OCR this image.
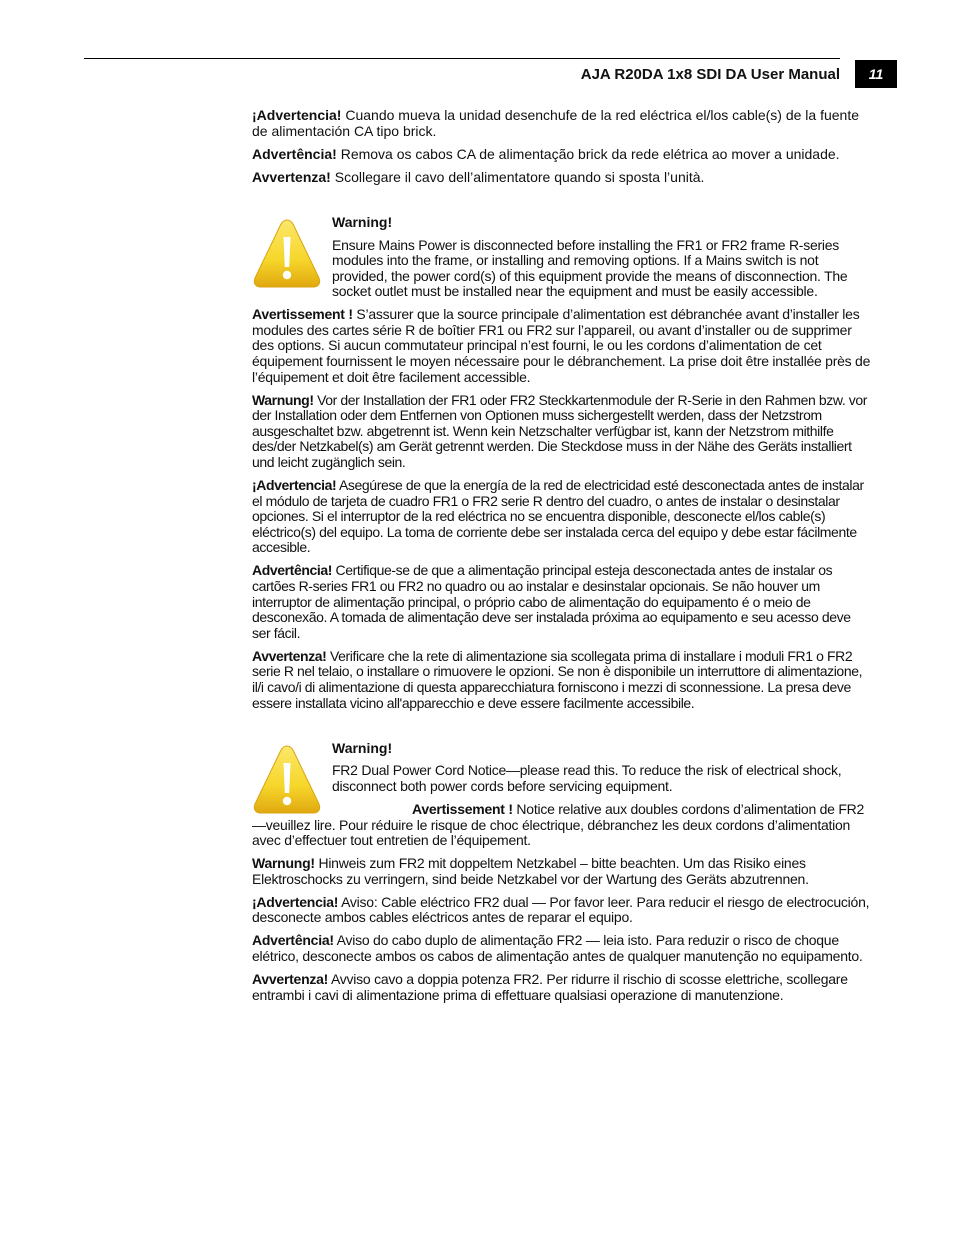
AJA R20DA 1x8 SDI DA User Manual	11

¡Advertencia! Cuando mueva la unidad desenchufe de la red eléctrica el/los cable(s) de la fuente de alimentación CA tipo brick.

Advertência! Remova os cabos CA de alimentação brick da rede elétrica ao mover a unidade.

Avvertenza! Scollegare il cavo dell’alimentatore quando si sposta l’unità.

Warning!

Ensure Mains Power is disconnected before installing the FR1 or FR2 frame R-series modules into the frame, or installing and removing options. If a Mains switch is not provided, the power cord(s) of this equipment provide the means of disconnection. The socket outlet must be installed near the equipment and must be easily accessible.

Avertissement ! S’assurer que la source principale d’alimentation est débranchée avant d’installer les modules des cartes série R de boîtier FR1 ou FR2 sur l’appareil, ou avant d’installer ou de supprimer des options. Si aucun commutateur principal n’est fourni, le ou les cordons d’alimentation de cet équipement fournissent le moyen nécessaire pour le débranchement. La prise doit être installée près de l’équipement et doit être facilement accessible.

Warnung! Vor der Installation der FR1 oder FR2 Steckkartenmodule der R-Serie in den Rahmen bzw. vor der Installation oder dem Entfernen von Optionen muss sichergestellt werden, dass der Netzstrom ausgeschaltet bzw. abgetrennt ist. Wenn kein Netzschalter verfügbar ist, kann der Netzstrom mithilfe des/der Netzkabel(s) am Gerät getrennt werden. Die Steckdose muss in der Nähe des Geräts installiert und leicht zugänglich sein.

¡Advertencia! Asegúrese de que la energía de la red de electricidad esté desconectada antes de instalar el módulo de tarjeta de cuadro FR1 o FR2 serie R dentro del cuadro, o antes de instalar o desinstalar opciones. Si el interruptor de la red eléctrica no se encuentra disponible, desconecte el/los cable(s) eléctrico(s) del equipo. La toma de corriente debe ser instalada cerca del equipo y debe estar fácilmente accesible.

Advertência! Certifique-se de que a alimentação principal esteja desconectada antes de instalar os cartões R-series FR1 ou FR2 no quadro ou ao instalar e desinstalar opcionais. Se não houver um interruptor de alimentação principal, o próprio cabo de alimentação do equipamento é o meio de desconexão. A tomada de alimentação deve ser instalada próxima ao equipamento e seu acesso deve ser fácil.

Avvertenza! Verificare che la rete di alimentazione sia scollegata prima di installare i moduli FR1 o FR2 serie R nel telaio, o installare o rimuovere le opzioni. Se non è disponibile un interruttore di alimentazione, il/i cavo/i di alimentazione di questa apparecchiatura forniscono i mezzi di sconnessione. La presa deve essere installata vicino all'apparecchio e deve essere facilmente accessibile.

Warning!

FR2 Dual Power Cord Notice—please read this. To reduce the risk of electrical shock, disconnect both power cords before servicing equipment.

Avertissement ! Notice relative aux doubles cordons d’alimentation de FR2—veuillez lire. Pour réduire le risque de choc électrique, débranchez les deux cordons d’alimentation avec d’effectuer tout entretien de l’équipement.

Warnung! Hinweis zum FR2 mit doppeltem Netzkabel – bitte beachten. Um das Risiko eines Elektroschocks zu verringern, sind beide Netzkabel vor der Wartung des Geräts abzutrennen.

¡Advertencia! Aviso: Cable eléctrico FR2 dual — Por favor leer. Para reducir el riesgo de electrocución, desconecte ambos cables eléctricos antes de reparar el equipo.

Advertência! Aviso do cabo duplo de alimentação FR2 — leia isto. Para reduzir o risco de choque elétrico, desconecte ambos os cabos de alimentação antes de qualquer manutenção no equipamento.

Avvertenza! Avviso cavo a doppia potenza FR2. Per ridurre il rischio di scosse elettriche, scollegare entrambi i cavi di alimentazione prima di effettuare qualsiasi operazione di manutenzione.
